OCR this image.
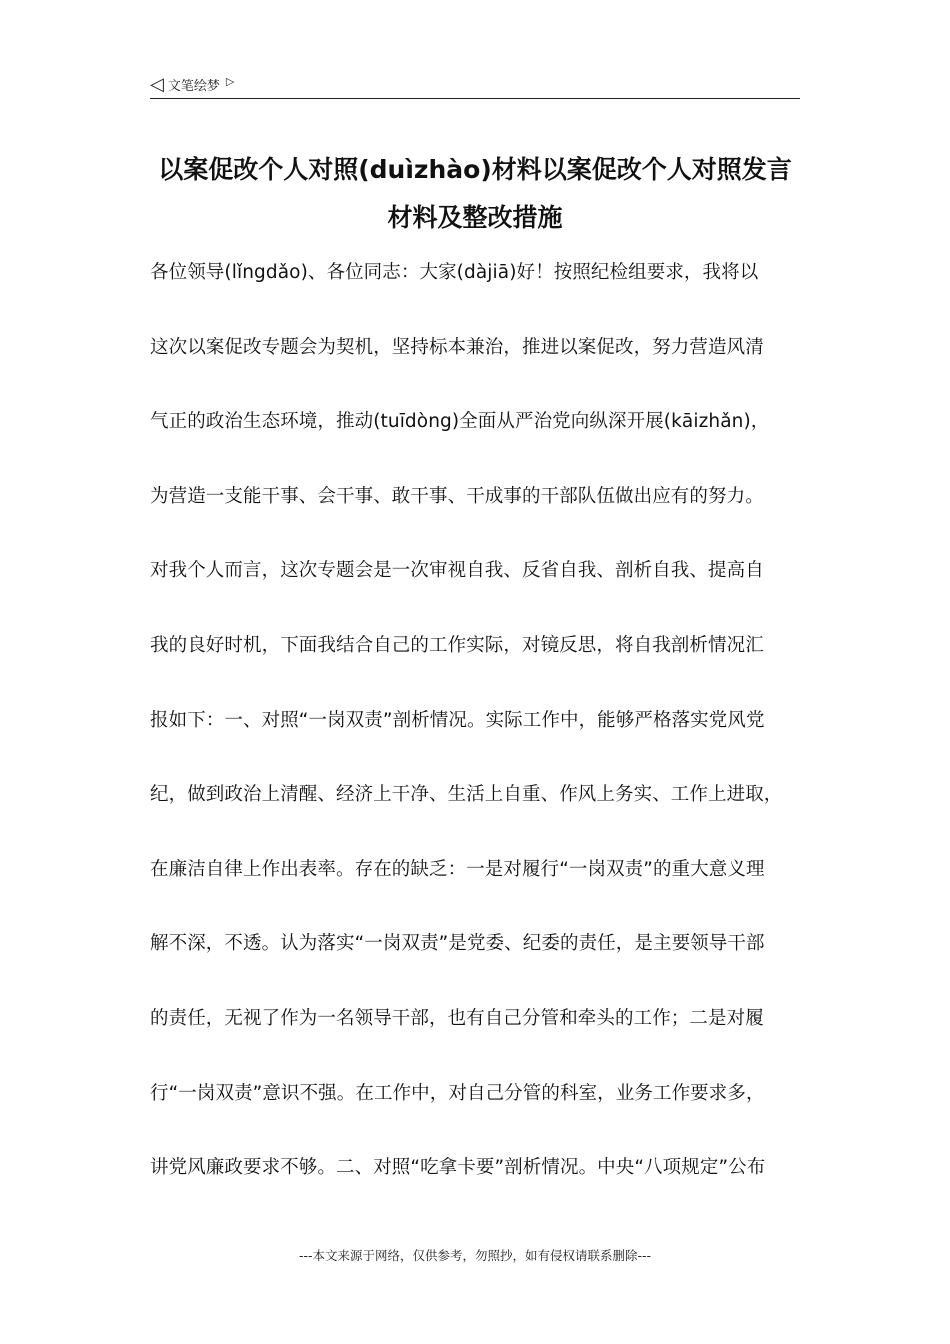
◁ 文笔绘梦 ▷
以案促改个人对照(duìzhào)材料以案促改个人对照发言
材料及整改措施
各位领导(lǐngdǎo)、各位同志：大家(dàjiā)好！按照纪检组要求，我将以
这次以案促改专题会为契机，坚持标本兼治，推进以案促改，努力营造风清
气正的政治生态环境，推动(tuīdòng)全面从严治党向纵深开展(kāizhǎn)，
为营造一支能干事、会干事、敢干事、干成事的干部队伍做出应有的努力。
对我个人而言，这次专题会是一次审视自我、反省自我、剖析自我、提高自
我的良好时机，下面我结合自己的工作实际，对镜反思，将自我剖析情况汇
报如下：一、对照“一岗双责”剖析情况。实际工作中，能够严格落实党风党
纪，做到政治上清醒、经济上干净、生活上自重、作风上务实、工作上进取，
在廉洁自律上作出表率。存在的缺乏：一是对履行“一岗双责”的重大意义理
解不深，不透。认为落实“一岗双责”是党委、纪委的责任，是主要领导干部
的责任，无视了作为一名领导干部，也有自己分管和牵头的工作；二是对履
行“一岗双责”意识不强。在工作中，对自己分管的科室，业务工作要求多，
讲党风廉政要求不够。二、对照“吃拿卡要”剖析情况。中央“八项规定”公布
---本文来源于网络，仅供参考，勿照抄，如有侵权请联系删除---
